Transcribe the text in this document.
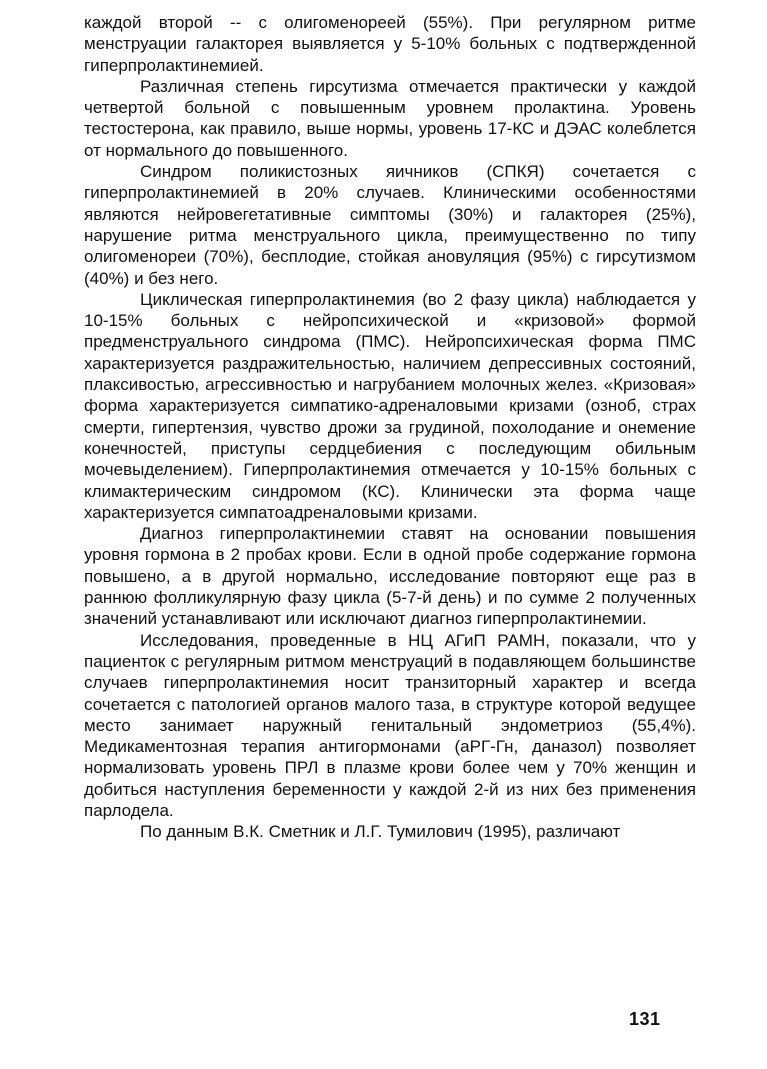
каждой второй -- с олигоменореей (55%). При регулярном ритме менструации галакторея выявляется у 5-10% больных с подтвержденной гиперпролактинемией.

Различная степень гирсутизма отмечается практически у каждой четвертой больной с повышенным уровнем пролактина. Уровень тестостерона, как правило, выше нормы, уровень 17-КС и ДЭАС колеблется от нормального до повышенного.

Синдром поликистозных яичников (СПКЯ) сочетается с гиперпролактинемией в 20% случаев. Клиническими особенностями являются нейровегетативные симптомы (30%) и галакторея (25%), нарушение ритма менструального цикла, преимущественно по типу олигоменореи (70%), бесплодие, стойкая ановуляция (95%) с гирсутизмом (40%) и без него.

Циклическая гиперпролактинемия (во 2 фазу цикла) наблюдается у 10-15% больных с нейропсихической и «кризовой» формой предменструального синдрома (ПМС). Нейропсихическая форма ПМС характеризуется раздражительностью, наличием депрессивных состояний, плаксивостью, агрессивностью и нагрубанием молочных желез. «Кризовая» форма характеризуется симпатико-адреналовыми кризами (озноб, страх смерти, гипертензия, чувство дрожи за грудиной, похолодание и онемение конечностей, приступы сердцебиения с последующим обильным мочевыделением). Гиперпролактинемия отмечается у 10-15% больных с климактерическим синдромом (КС). Клинически эта форма чаще характеризуется симпатоадреналовыми кризами.

Диагноз гиперпролактинемии ставят на основании повышения уровня гормона в 2 пробах крови. Если в одной пробе содержание гормона повышено, а в другой нормально, исследование повторяют еще раз в раннюю фолликулярную фазу цикла (5-7-й день) и по сумме 2 полученных значений устанавливают или исключают диагноз гиперпролактинемии.

Исследования, проведенные в НЦ АГиП РАМН, показали, что у пациенток с регулярным ритмом менструаций в подавляющем большинстве случаев гиперпролактинемия носит транзиторный характер и всегда сочетается с патологией органов малого таза, в структуре которой ведущее место занимает наружный генитальный эндометриоз (55,4%). Медикаментозная терапия антигормонами (аРГ-Гн, даназол) позволяет нормализовать уровень ПРЛ в плазме крови более чем у 70% женщин и добиться наступления беременности у каждой 2-й из них без применения парлодела.

По данным В.К. Сметник и Л.Г. Тумилович (1995), различают

131
